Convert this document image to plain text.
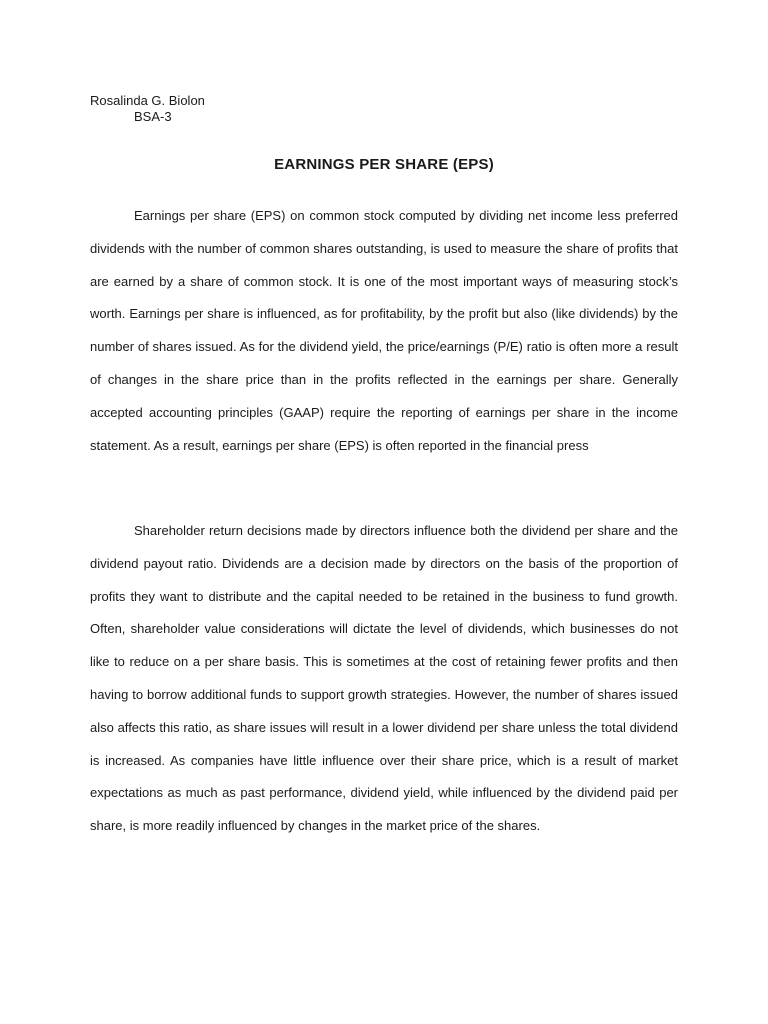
Rosalinda G. Biolon

BSA-3

EARNINGS PER SHARE (EPS)

Earnings per share (EPS) on common stock computed by dividing net income less preferred dividends with the number of common shares outstanding, is used to measure the share of profits that are earned by a share of common stock. It is one of the most important ways of measuring stock’s worth. Earnings per share is influenced, as for profitability, by the profit but also (like dividends) by the number of shares issued. As for the dividend yield, the price/earnings (P/E) ratio is often more a result of changes in the share price than in the profits reflected in the earnings per share. Generally accepted accounting principles (GAAP) require the reporting of earnings per share in the income statement. As a result, earnings per share (EPS) is often reported in the financial press

Shareholder return decisions made by directors influence both the dividend per share and the dividend payout ratio. Dividends are a decision made by directors on the basis of the proportion of profits they want to distribute and the capital needed to be retained in the business to fund growth. Often, shareholder value considerations will dictate the level of dividends, which businesses do not like to reduce on a per share basis. This is sometimes at the cost of retaining fewer profits and then having to borrow additional funds to support growth strategies. However, the number of shares issued also affects this ratio, as share issues will result in a lower dividend per share unless the total dividend is increased. As companies have little influence over their share price, which is a result of market expectations as much as past performance, dividend yield, while influenced by the dividend paid per share, is more readily influenced by changes in the market price of the shares.
